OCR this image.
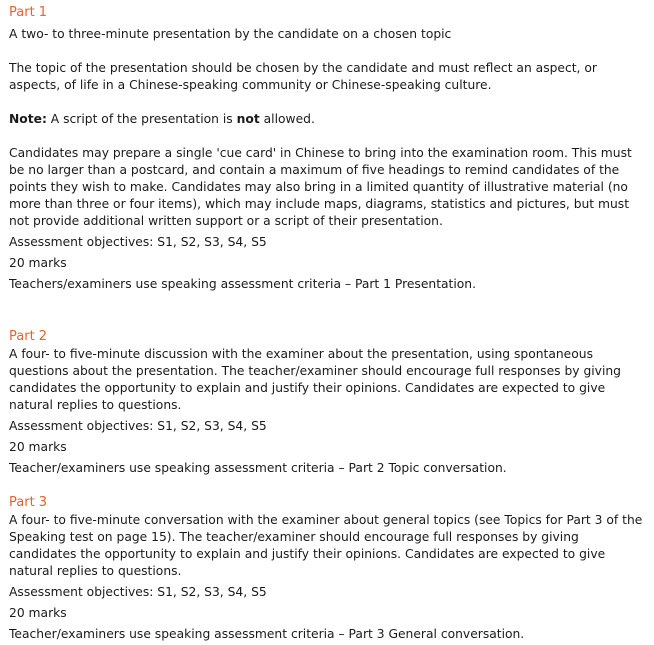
Part 1

A two- to three-minute presentation by the candidate on a chosen topic

The topic of the presentation should be chosen by the candidate and must reflect an aspect, or aspects, of life in a Chinese-speaking community or Chinese-speaking culture.

Note: A script of the presentation is not allowed.

Candidates may prepare a single 'cue card' in Chinese to bring into the examination room. This must be no larger than a postcard, and contain a maximum of five headings to remind candidates of the points they wish to make. Candidates may also bring in a limited quantity of illustrative material (no more than three or four items), which may include maps, diagrams, statistics and pictures, but must not provide additional written support or a script of their presentation.

Assessment objectives: S1, S2, S3, S4, S5

20 marks

Teachers/examiners use speaking assessment criteria – Part 1 Presentation.

Part 2

A four- to five-minute discussion with the examiner about the presentation, using spontaneous questions about the presentation. The teacher/examiner should encourage full responses by giving candidates the opportunity to explain and justify their opinions. Candidates are expected to give natural replies to questions.

Assessment objectives: S1, S2, S3, S4, S5

20 marks

Teacher/examiners use speaking assessment criteria – Part 2 Topic conversation.

Part 3

A four- to five-minute conversation with the examiner about general topics (see Topics for Part 3 of the Speaking test on page 15). The teacher/examiner should encourage full responses by giving candidates the opportunity to explain and justify their opinions. Candidates are expected to give natural replies to questions.

Assessment objectives: S1, S2, S3, S4, S5

20 marks

Teacher/examiners use speaking assessment criteria – Part 3 General conversation.
